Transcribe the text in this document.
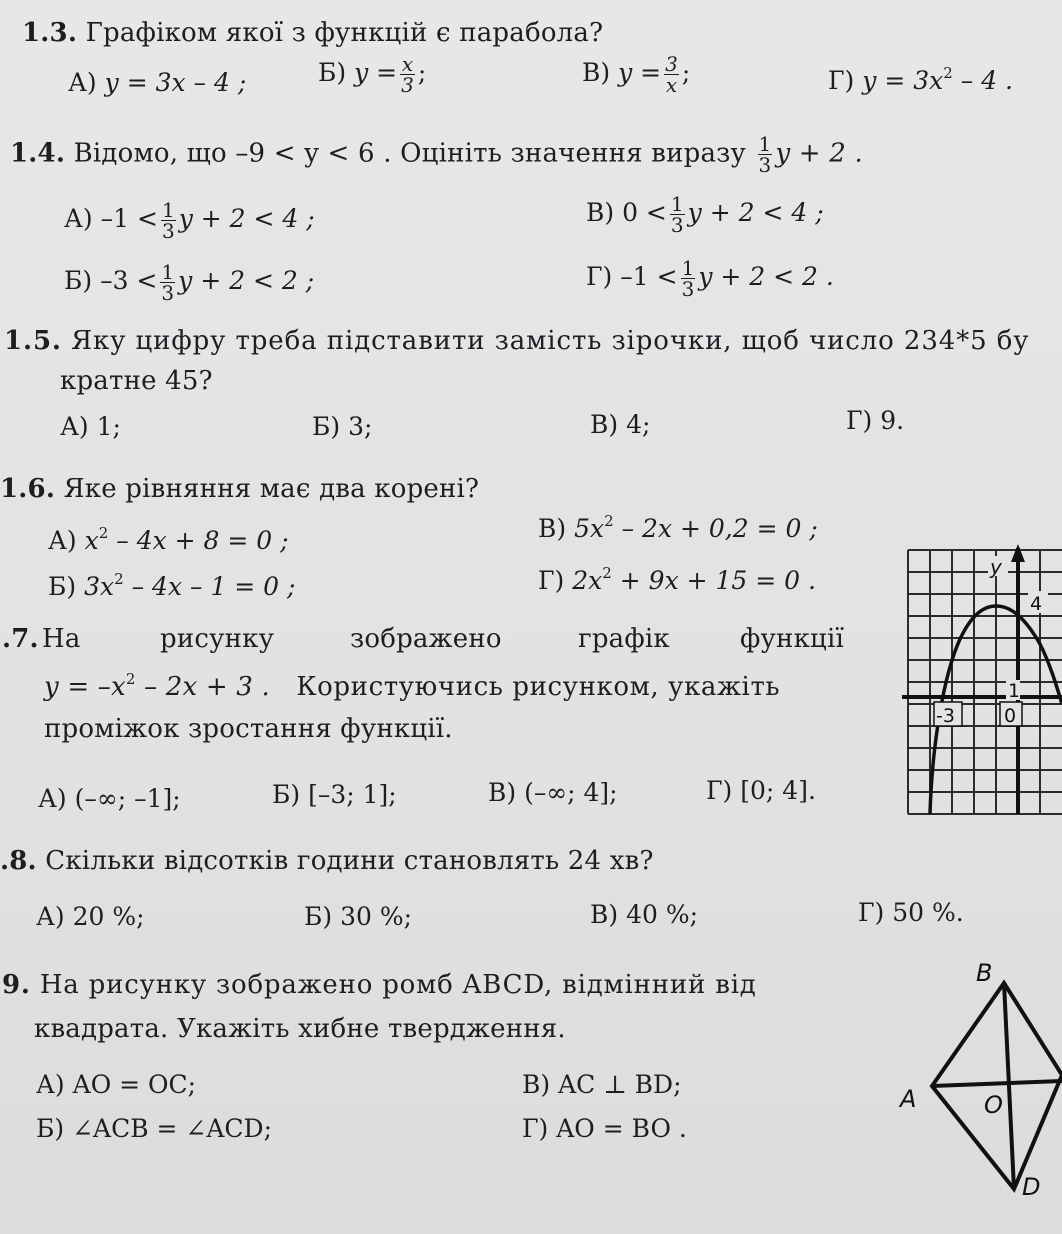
1.3. Графіком якої з функцій є парабола?
А) y = 3x – 4 ;	Б) $y = \frac{x}{3}$ ;	В) $y = \frac{3}{x}$ ;	Г) $y = 3x^2 - 4$ .
1.4. Відомо, що –9 < y < 6 . Оцініть значення виразу $\frac{1}{3}$ y + 2 .
А) $-1 < \frac{1}{3}$ y + 2 < 4 ;
Б) $-3 < \frac{1}{3}$ y + 2 < 2 ;
В) $0 < \frac{1}{3}$ y + 2 < 4 ;
Г) $-1 < \frac{1}{3}$ y + 2 < 2 .
1.5. Яку цифру треба підставити замість зірочки, щоб число 234*5 бу
кратне 45?
А) 1;	Б) 3;	В) 4;	Г) 9.
1.6. Яке рівняння має два корені?
А) $x^2 - 4x + 8 = 0$ ;
Б) $3x^2 - 4x - 1 = 0$ ;
В) $5x^2 - 2x + 0,2 = 0$ ;
Г) $2x^2 + 9x + 15 = 0$ .
.7. На	рисунку	зображено	графік	функції
$y = -x^2 - 2x + 3$ . Користуючись рисунком, укажіть
проміжок зростання функції.
А) (–∞; –1];	Б) [–3; 1];	В) (–∞; 4];	Г) [0; 4].
y
4
1
-3	0
.8. Скільки відсотків години становлять 24 хв?
А) 20 %;	Б) 30 %;	В) 40 %;	Г) 50 %.
9. На рисунку зображено ромб ABCD, відмінний від
квадрата. Укажіть хибне твердження.
А) AO = OC;
Б) ∠ACB = ∠ACD;
В) AC ⊥ BD;
Г) AO = BO .
B
A	O
D
